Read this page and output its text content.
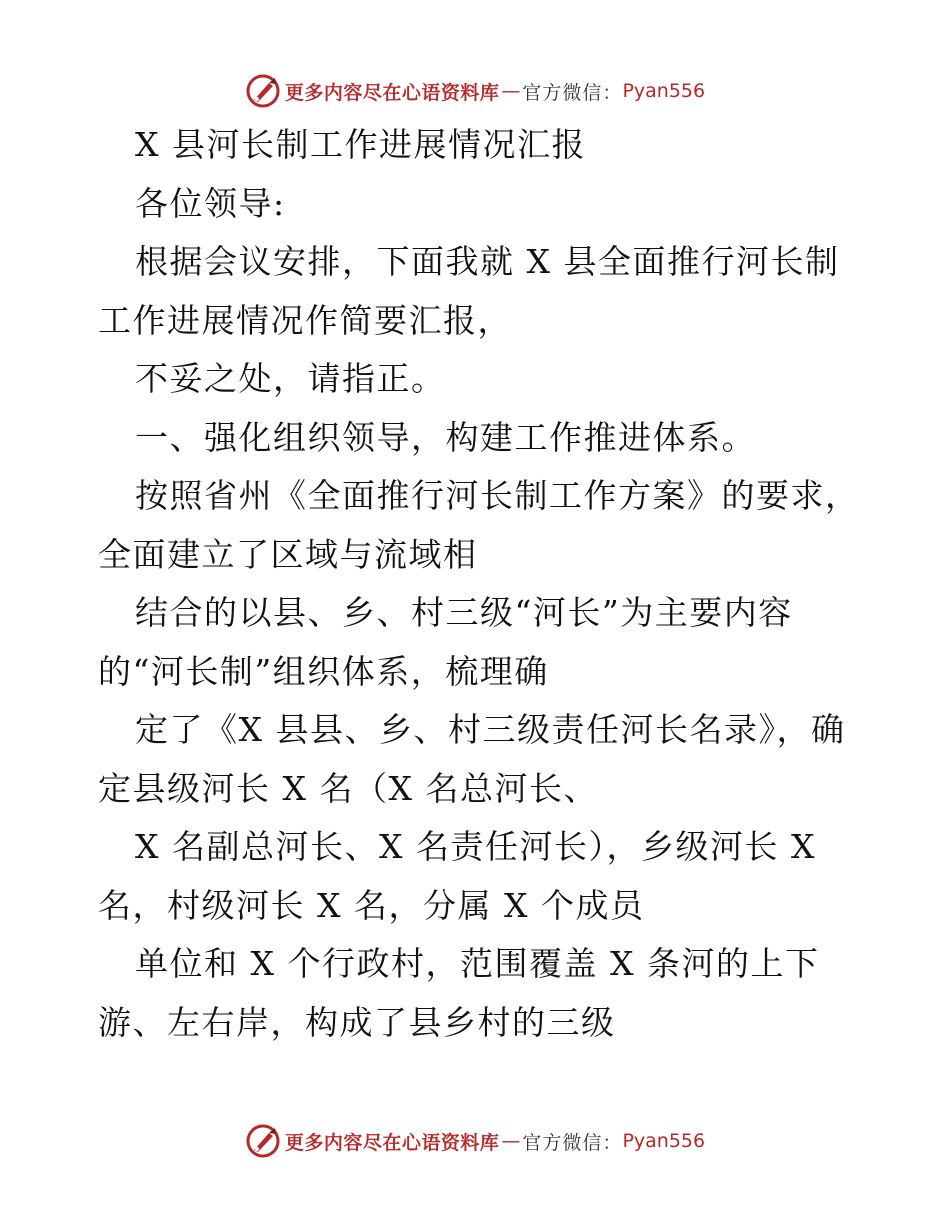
更多内容尽在心语资料库 — 官方微信： Pyan556
X 县河长制工作进展情况汇报
各位领导:
根据会议安排，下面我就 X 县全面推行河长制
工作进展情况作简要汇报，
不妥之处，请指正。
一、强化组织领导，构建工作推进体系。
按照省州《全面推行河长制工作方案》的要求，
全面建立了区域与流域相
结合的以县、乡、村三级“河长”为主要内容
的“河长制”组织体系，梳理确
定了《X 县县、乡、村三级责任河长名录》，确
定县级河长 X 名（X 名总河长、
X 名副总河长、X 名责任河长），乡级河长 X
名，村级河长 X 名，分属 X 个成员
单位和 X 个行政村，范围覆盖 X 条河的上下
游、左右岸，构成了县乡村的三级
更多内容尽在心语资料库 — 官方微信： Pyan556
